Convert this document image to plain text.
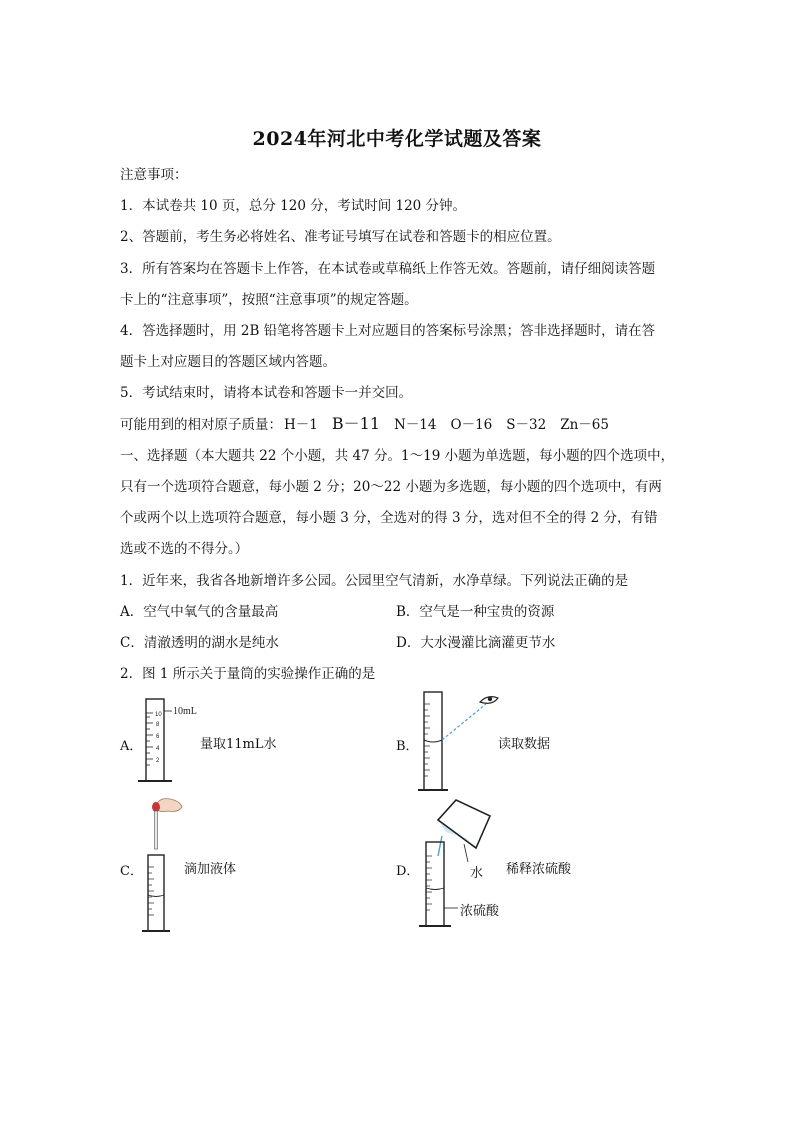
2024年河北中考化学试题及答案
注意事项：
1．本试卷共 10 页，总分 120 分，考试时间 120 分钟。
2、答题前，考生务必将姓名、准考证号填写在试卷和答题卡的相应位置。
3．所有答案均在答题卡上作答，在本试卷或草稿纸上作答无效。答题前，请仔细阅读答题
卡上的“注意事项”，按照“注意事项”的规定答题。
4．答选择题时，用 2B 铅笔将答题卡上对应题目的答案标号涂黑；答非选择题时，请在答
题卡上对应题目的答题区域内答题。
5．考试结束时，请将本试卷和答题卡一并交回。
可能用到的相对原子质量： H－1 B－11 N－14 O－16 S－32 Zn－65
一、选择题（本大题共 22 个小题，共 47 分。1～19 小题为单选题，每小题的四个选项中，
只有一个选项符合题意，每小题 2 分；20～22 小题为多选题，每小题的四个选项中，有两
个或两个以上选项符合题意，每小题 3 分，全选对的得 3 分，选对但不全的得 2 分，有错
选或不选的不得分。）
1．近年来，我省各地新增许多公园。公园里空气清新，水净草绿。下列说法正确的是
A．空气中氧气的含量最高	B．空气是一种宝贵的资源
C．清澈透明的湖水是纯水	D．大水漫灌比滴灌更节水
2．图 1 所示关于量筒的实验操作正确的是
A．
10
8
6
4
2
10mL
量取11mL水	B．	读取数据
C．	滴加液体	D．	水
浓硫酸
稀释浓硫酸
